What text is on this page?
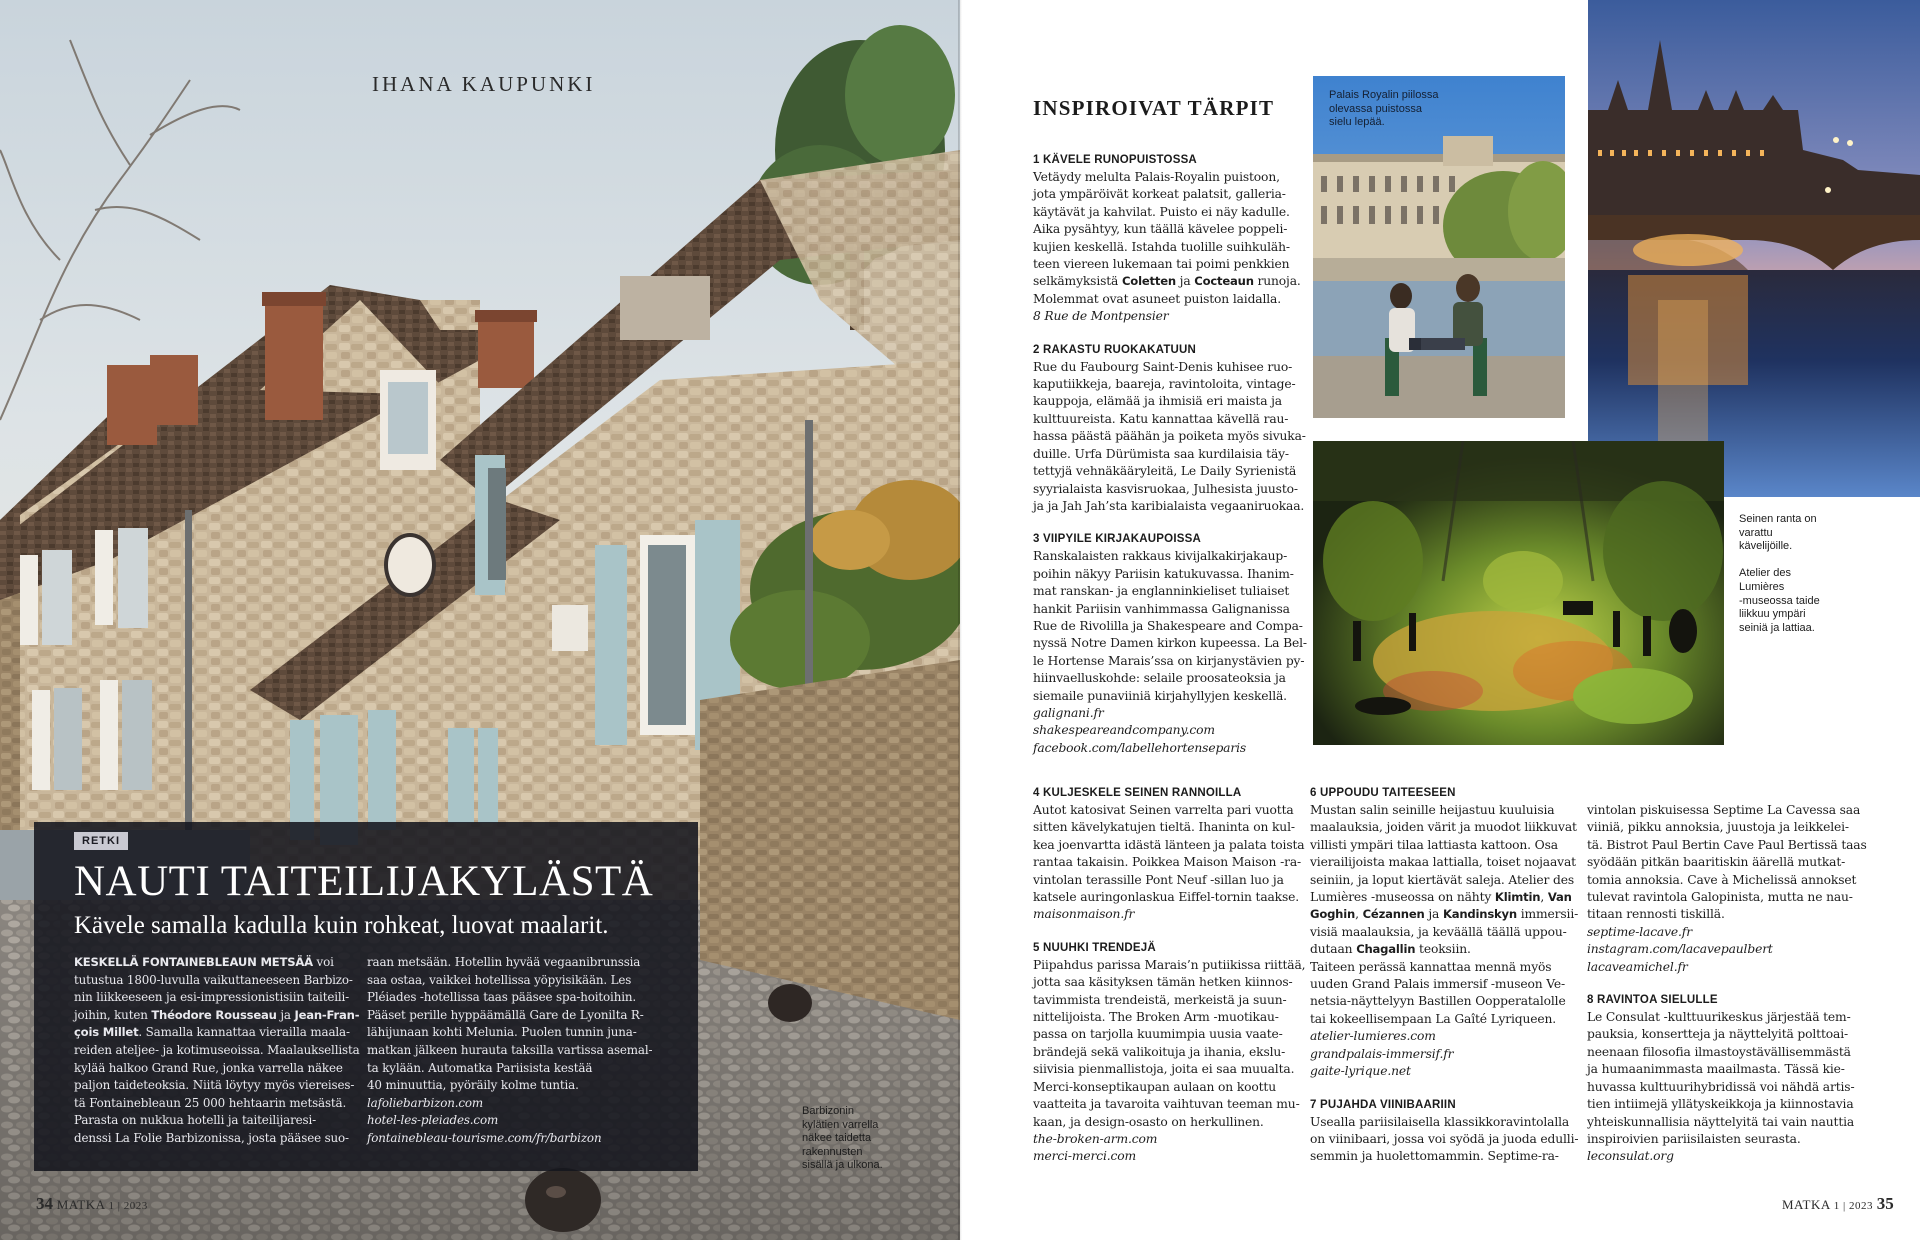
IHANA KAUPUNKI
RETKI
NAUTI TAITEILIJAKYLÄSTÄ
Kävele samalla kadulla kuin rohkeat, luovat maalarit.
KESKELLÄ FONTAINEBLEAUN METSÄÄ voi
tutustua 1800-luvulla vaikuttaneeseen Barbizo-
nin liikkeeseen ja esi-impressionistisiin taiteili-
joihin, kuten Théodore Rousseau ja Jean-Fran-
çois Millet. Samalla kannattaa vierailla maala-
reiden ateljee- ja kotimuseoissa. Maalauksellista
kylää halkoo Grand Rue, jonka varrella näkee
paljon taideteoksia. Niitä löytyy myös viereises-
tä Fontainebleaun 25 000 hehtaarin metsästä.
Parasta on nukkua hotelli ja taiteilijaresi-
denssi La Folie Barbizonissa, josta pääsee suo-
raan metsään. Hotellin hyvää vegaanibrunssia
saa ostaa, vaikkei hotellissa yöpyisikään. Les
Pléiades -hotellissa taas pääsee spa-hoitoihin.
Pääset perille hyppäämällä Gare de Lyonilta R-
lähijunaan kohti Melunia. Puolen tunnin juna-
matkan jälkeen hurauta taksilla vartissa asemal-
ta kylään. Automatka Pariisista kestää
40 minuuttia, pyöräily kolme tuntia.
lafoliebarbizon.com
hotel-les-pleiades.com
fontainebleau-tourisme.com/fr/barbizon
Barbizonin
kylätien varrella
näkee taidetta
rakennusten
sisällä ja ulkona.
34 MATKA 1 | 2023
INSPIROIVAT TÄRPIT
1 KÄVELE RUNOPUISTOSSA
Vetäydy melulta Palais-Royalin puistoon,
jota ympäröivät korkeat palatsit, galleria-
käytävät ja kahvilat. Puisto ei näy kadulle.
Aika pysähtyy, kun täällä kävelee poppeli-
kujien keskellä. Istahda tuolille suihkuläh-
teen viereen lukemaan tai poimi penkkien
selkämyksistä Coletten ja Cocteaun runoja.
Molemmat ovat asuneet puiston laidalla.
8 Rue de Montpensier
2 RAKASTU RUOKAKATUUN
Rue du Faubourg Saint-Denis kuhisee ruo-
kaputiikkeja, baareja, ravintoloita, vintage-
kauppoja, elämää ja ihmisiä eri maista ja
kulttuureista. Katu kannattaa kävellä rau-
hassa päästä päähän ja poiketa myös sivuka-
duille. Urfa Dürümista saa kurdilaisia täy-
tettyjä vehnäkääryleitä, Le Daily Syrienistä
syyrialaista kasvisruokaa, Julhesista juusto-
ja ja Jah Jah’sta karibialaista vegaaniruokaa.
3 VIIPYILE KIRJAKAUPOISSA
Ranskalaisten rakkaus kivijalkakirjakaup-
poihin näkyy Pariisin katukuvassa. Ihanim-
mat ranskan- ja englanninkieliset tuliaiset
hankit Pariisin vanhimmassa Galignanissa
Rue de Rivolilla ja Shakespeare and Compa-
nyssä Notre Damen kirkon kupeessa. La Bel-
le Hortense Marais’ssa on kirjanystävien py-
hiinvaelluskohde: selaile proosateoksia ja
siemaile punaviiniä kirjahyllyjen keskellä.
galignani.fr
shakespeareandcompany.com
facebook.com/labellehortenseparis
Palais Royalin piilossa
olevassa puistossa
sielu lepää.
Seinen ranta on
varattu
kävelijöille.

Atelier des
Lumières
-museossa taide
liikkuu ympäri
seiniä ja lattiaa.
4 KULJESKELE SEINEN RANNOILLA
Autot katosivat Seinen varrelta pari vuotta
sitten kävelykatujen tieltä. Ihaninta on kul-
kea joenvartta idästä länteen ja palata toista
rantaa takaisin. Poikkea Maison Maison -ra-
vintolan terassille Pont Neuf -sillan luo ja
katsele auringonlaskua Eiffel-tornin taakse.
maisonmaison.fr
5 NUUHKI TRENDEJÄ
Piipahdus parissa Marais’n putiikissa riittää,
jotta saa käsityksen tämän hetken kiinnos-
tavimmista trendeistä, merkeistä ja suun-
nittelijoista. The Broken Arm -muotikau-
passa on tarjolla kuumimpia uusia vaate-
brändejä sekä valikoituja ja ihania, ekslu-
siivisia pienmallistoja, joita ei saa muualta.
Merci-konseptikaupan aulaan on koottu
vaatteita ja tavaroita vaihtuvan teeman mu-
kaan, ja design-osasto on herkullinen.
the-broken-arm.com
merci-merci.com
6 UPPOUDU TAITEESEEN
Mustan salin seinille heijastuu kuuluisia
maalauksia, joiden värit ja muodot liikkuvat
villisti ympäri tilaa lattiasta kattoon. Osa
vierailijoista makaa lattialla, toiset nojaavat
seiniin, ja loput kiertävät saleja. Atelier des
Lumières -museossa on nähty Klimtin, Van
Goghin, Cézannen ja Kandinskyn immersii-
visiä maalauksia, ja keväällä täällä uppou-
dutaan Chagallin teoksiin.
Taiteen perässä kannattaa mennä myös
uuden Grand Palais immersif -museon Ve-
netsia-näyttelyyn Bastillen Oopperatalolle
tai kokeellisempaan La Gaîté Lyriqueen.
atelier-lumieres.com
grandpalais-immersif.fr
gaite-lyrique.net
7 PUJAHDA VIINIBAARIIN
Usealla pariisilaisella klassikkoravintolalla
on viinibaari, jossa voi syödä ja juoda edulli-
semmin ja huolettomammin. Septime-ra-
vintolan piskuisessa Septime La Cavessa saa
viiniä, pikku annoksia, juustoja ja leikkelei-
tä. Bistrot Paul Bertin Cave Paul Bertissä taas
syödään pitkän baaritiskin äärellä mutkat-
tomia annoksia. Cave à Michelissä annokset
tulevat ravintola Galopinista, mutta ne nau-
titaan rennosti tiskillä.
septime-lacave.fr
instagram.com/lacavepaulbert
lacaveamichel.fr
8 RAVINTOA SIELULLE
Le Consulat -kulttuurikeskus järjestää tem-
pauksia, konsertteja ja näyttelyitä polttoai-
neenaan filosofia ilmastoystävällisemmästä
ja humaanimmasta maailmasta. Tässä kie-
huvassa kulttuurihybridissä voi nähdä artis-
tien intiimejä yllätyskeikkoja ja kiinnostavia
yhteiskunnallisia näyttelyitä tai vain nauttia
inspiroivien pariisilaisten seurasta.
leconsulat.org
MATKA 1 | 2023 35
